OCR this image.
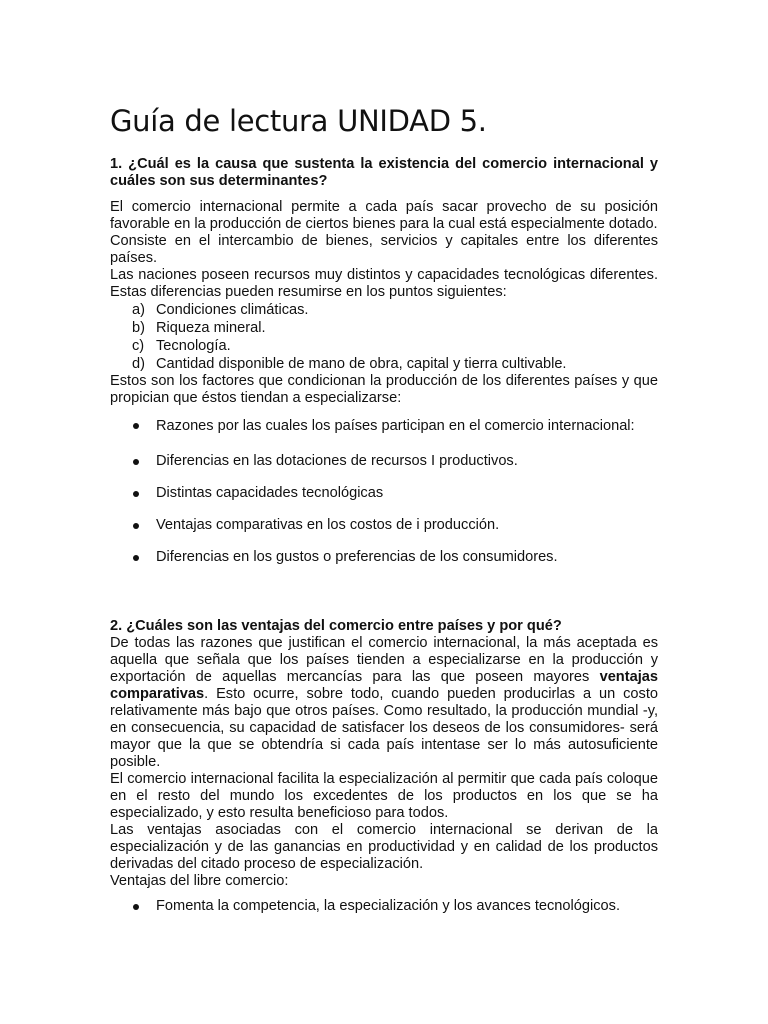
Guía de lectura UNIDAD 5.

1. ¿Cuál es la causa que sustenta la existencia del comercio internacional y cuáles son sus determinantes?

El comercio internacional permite a cada país sacar provecho de su posición favorable en la producción de ciertos bienes para la cual está especialmente dotado.

Consiste en el intercambio de bienes, servicios y capitales entre los diferentes países.

Las naciones poseen recursos muy distintos y capacidades tecnológicas diferentes. Estas diferencias pueden resumirse en los puntos siguientes:

a) Condiciones climáticas.
b) Riqueza mineral.
c) Tecnología.
d) Cantidad disponible de mano de obra, capital y tierra cultivable.

Estos son los factores que condicionan la producción de los diferentes países y que propician que éstos tiendan a especializarse:

Razones por las cuales los países participan en el comercio internacional:
Diferencias en las dotaciones de recursos I productivos.
Distintas capacidades tecnológicas
Ventajas comparativas en los costos de i producción.
Diferencias en los gustos o preferencias de los consumidores.

2. ¿Cuáles son las ventajas del comercio entre países y por qué?

De todas las razones que justifican el comercio internacional, la más aceptada es aquella que señala que los países tienden a especializarse en la producción y exportación de aquellas mercancías para las que poseen mayores ventajas comparativas. Esto ocurre, sobre todo, cuando pueden producirlas a un costo relativamente más bajo que otros países. Como resultado, la producción mundial -y, en consecuencia, su capacidad de satisfacer los deseos de los consumidores- será mayor que la que se obtendría si cada país intentase ser lo más autosuficiente posible.

El comercio internacional facilita la especialización al permitir que cada país coloque en el resto del mundo los excedentes de los productos en los que se ha especializado, y esto resulta beneficioso para todos.

Las ventajas asociadas con el comercio internacional se derivan de la especialización y de las ganancias en productividad y en calidad de los productos derivadas del citado proceso de especialización.

Ventajas del libre comercio:

Fomenta la competencia, la especialización y los avances tecnológicos.
